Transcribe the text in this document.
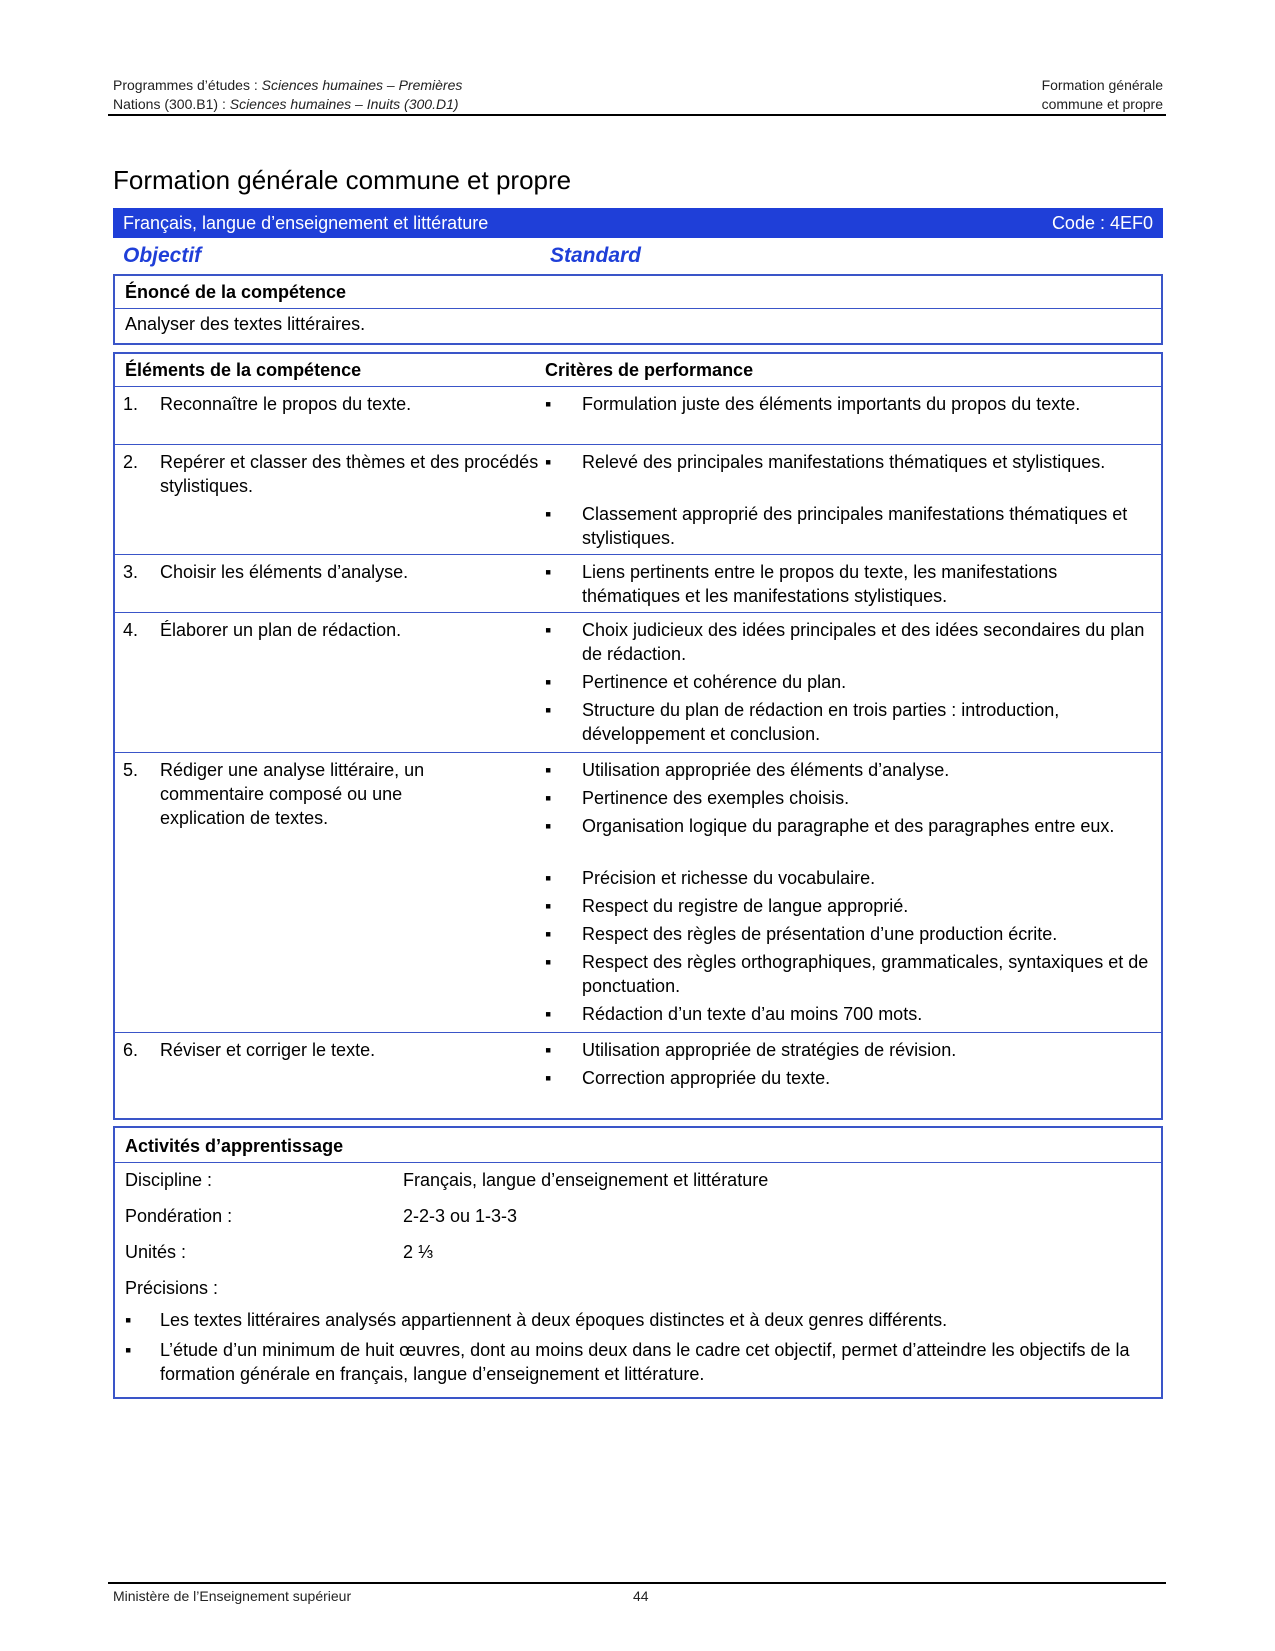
Programmes d’études : Sciences humaines – Premières
Nations (300.B1) : Sciences humaines – Inuits (300.D1)
Formation générale
commune et propre
Formation générale commune et propre
Français, langue d’enseignement et littérature	Code : 4EF0
Objectif	Standard
Énoncé de la compétence
Analyser des textes littéraires.
Éléments de la compétence	Critères de performance
1.	Reconnaître le propos du texte.	▪ Formulation juste des éléments importants du propos du texte.
2.	Repérer et classer des thèmes et des procédés stylistiques.
▪ Relevé des principales manifestations thématiques et stylistiques.
▪ Classement approprié des principales manifestations thématiques et stylistiques.
3.	Choisir les éléments d’analyse.	▪ Liens pertinents entre le propos du texte, les manifestations thématiques et les manifestations stylistiques.
4.	Élaborer un plan de rédaction.	▪ Choix judicieux des idées principales et des idées secondaires du plan de rédaction.
▪ Pertinence et cohérence du plan.
▪ Structure du plan de rédaction en trois parties : introduction, développement et conclusion.
5.	Rédiger une analyse littéraire, un commentaire composé ou une explication de textes.
▪ Utilisation appropriée des éléments d’analyse.
▪ Pertinence des exemples choisis.
▪ Organisation logique du paragraphe et des paragraphes entre eux.
▪ Précision et richesse du vocabulaire.
▪ Respect du registre de langue approprié.
▪ Respect des règles de présentation d’une production écrite.
▪ Respect des règles orthographiques, grammaticales, syntaxiques et de ponctuation.
▪ Rédaction d’un texte d’au moins 700 mots.
6.	Réviser et corriger le texte.	▪ Utilisation appropriée de stratégies de révision.
▪ Correction appropriée du texte.
Activités d’apprentissage
Discipline :	Français, langue d’enseignement et littérature
Pondération :	2-2-3 ou 1-3-3
Unités :	2 ⅓
Précisions :
▪ Les textes littéraires analysés appartiennent à deux époques distinctes et à deux genres différents.
▪ L’étude d’un minimum de huit œuvres, dont au moins deux dans le cadre cet objectif, permet d’atteindre les objectifs de la formation générale en français, langue d’enseignement et littérature.
Ministère de l’Enseignement supérieur	44
